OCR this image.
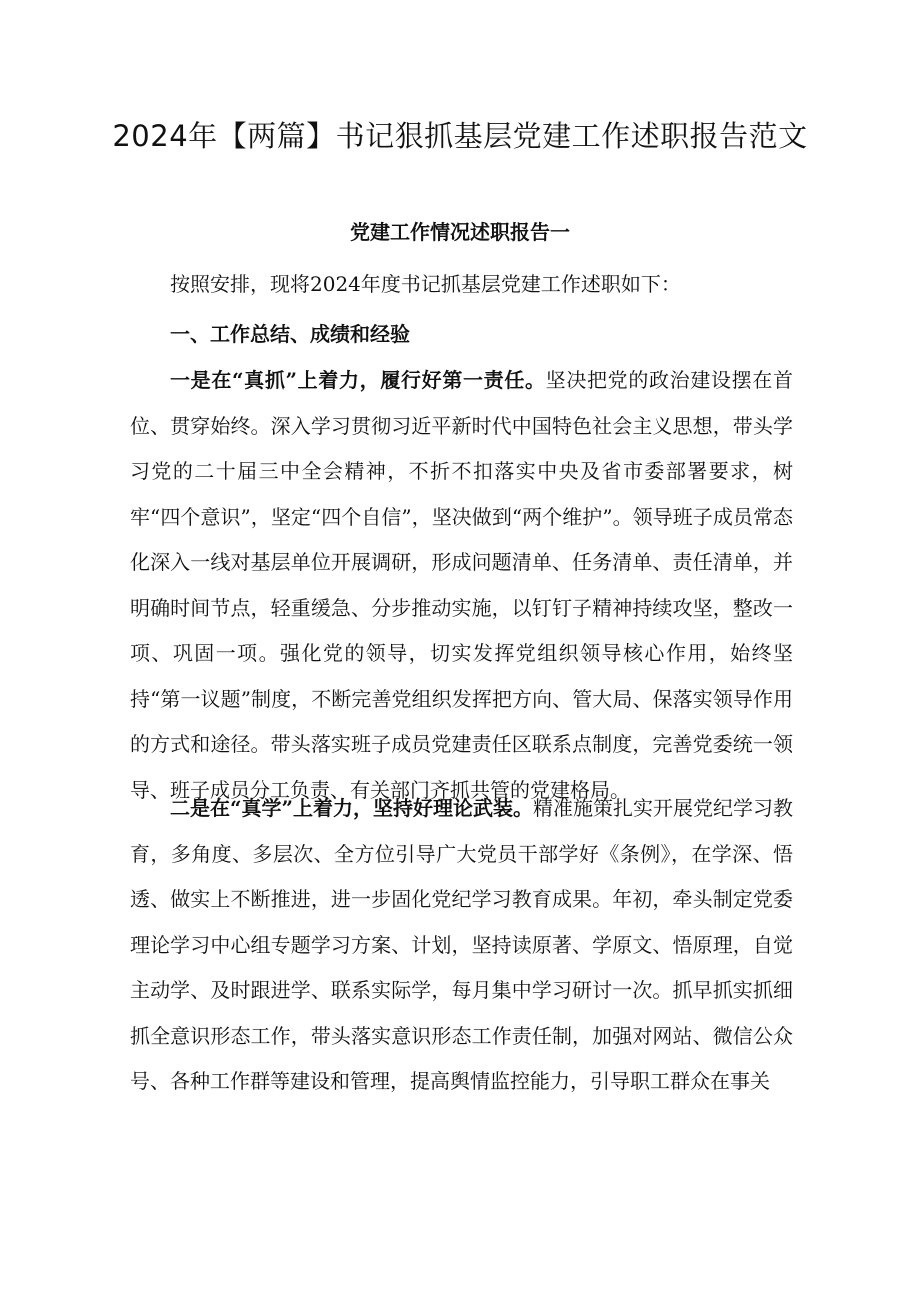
2024年【两篇】书记狠抓基层党建工作述职报告范文
党建工作情况述职报告一

按照安排，现将2024年度书记抓基层党建工作述职如下：

一、工作总结、成绩和经验

一是在“真抓”上着力，履行好第一责任。坚决把党的政治建设摆在首位、贯穿始终。深入学习贯彻习近平新时代中国特色社会主义思想，带头学习党的二十届三中全会精神，不折不扣落实中央及省市委部署要求，树牢“四个意识”，坚定“四个自信”，坚决做到“两个维护”。领导班子成员常态化深入一线对基层单位开展调研，形成问题清单、任务清单、责任清单，并明确时间节点，轻重缓急、分步推动实施，以钉钉子精神持续攻坚，整改一项、巩固一项。强化党的领导，切实发挥党组织领导核心作用，始终坚持“第一议题”制度，不断完善党组织发挥把方向、管大局、保落实领导作用的方式和途径。带头落实班子成员党建责任区联系点制度，完善党委统一领导、班子成员分工负责、有关部门齐抓共管的党建格局。

二是在“真学”上着力，坚持好理论武装。精准施策扎实开展党纪学习教育，多角度、多层次、全方位引导广大党员干部学好《条例》，在学深、悟透、做实上不断推进，进一步固化党纪学习教育成果。年初，牵头制定党委理论学习中心组专题学习方案、计划，坚持读原著、学原文、悟原理，自觉主动学、及时跟进学、联系实际学，每月集中学习研讨一次。抓早抓实抓细抓全意识形态工作，带头落实意识形态工作责任制，加强对网站、微信公众号、各种工作群等建设和管理，提高舆情监控能力，引导职工群众在事关
